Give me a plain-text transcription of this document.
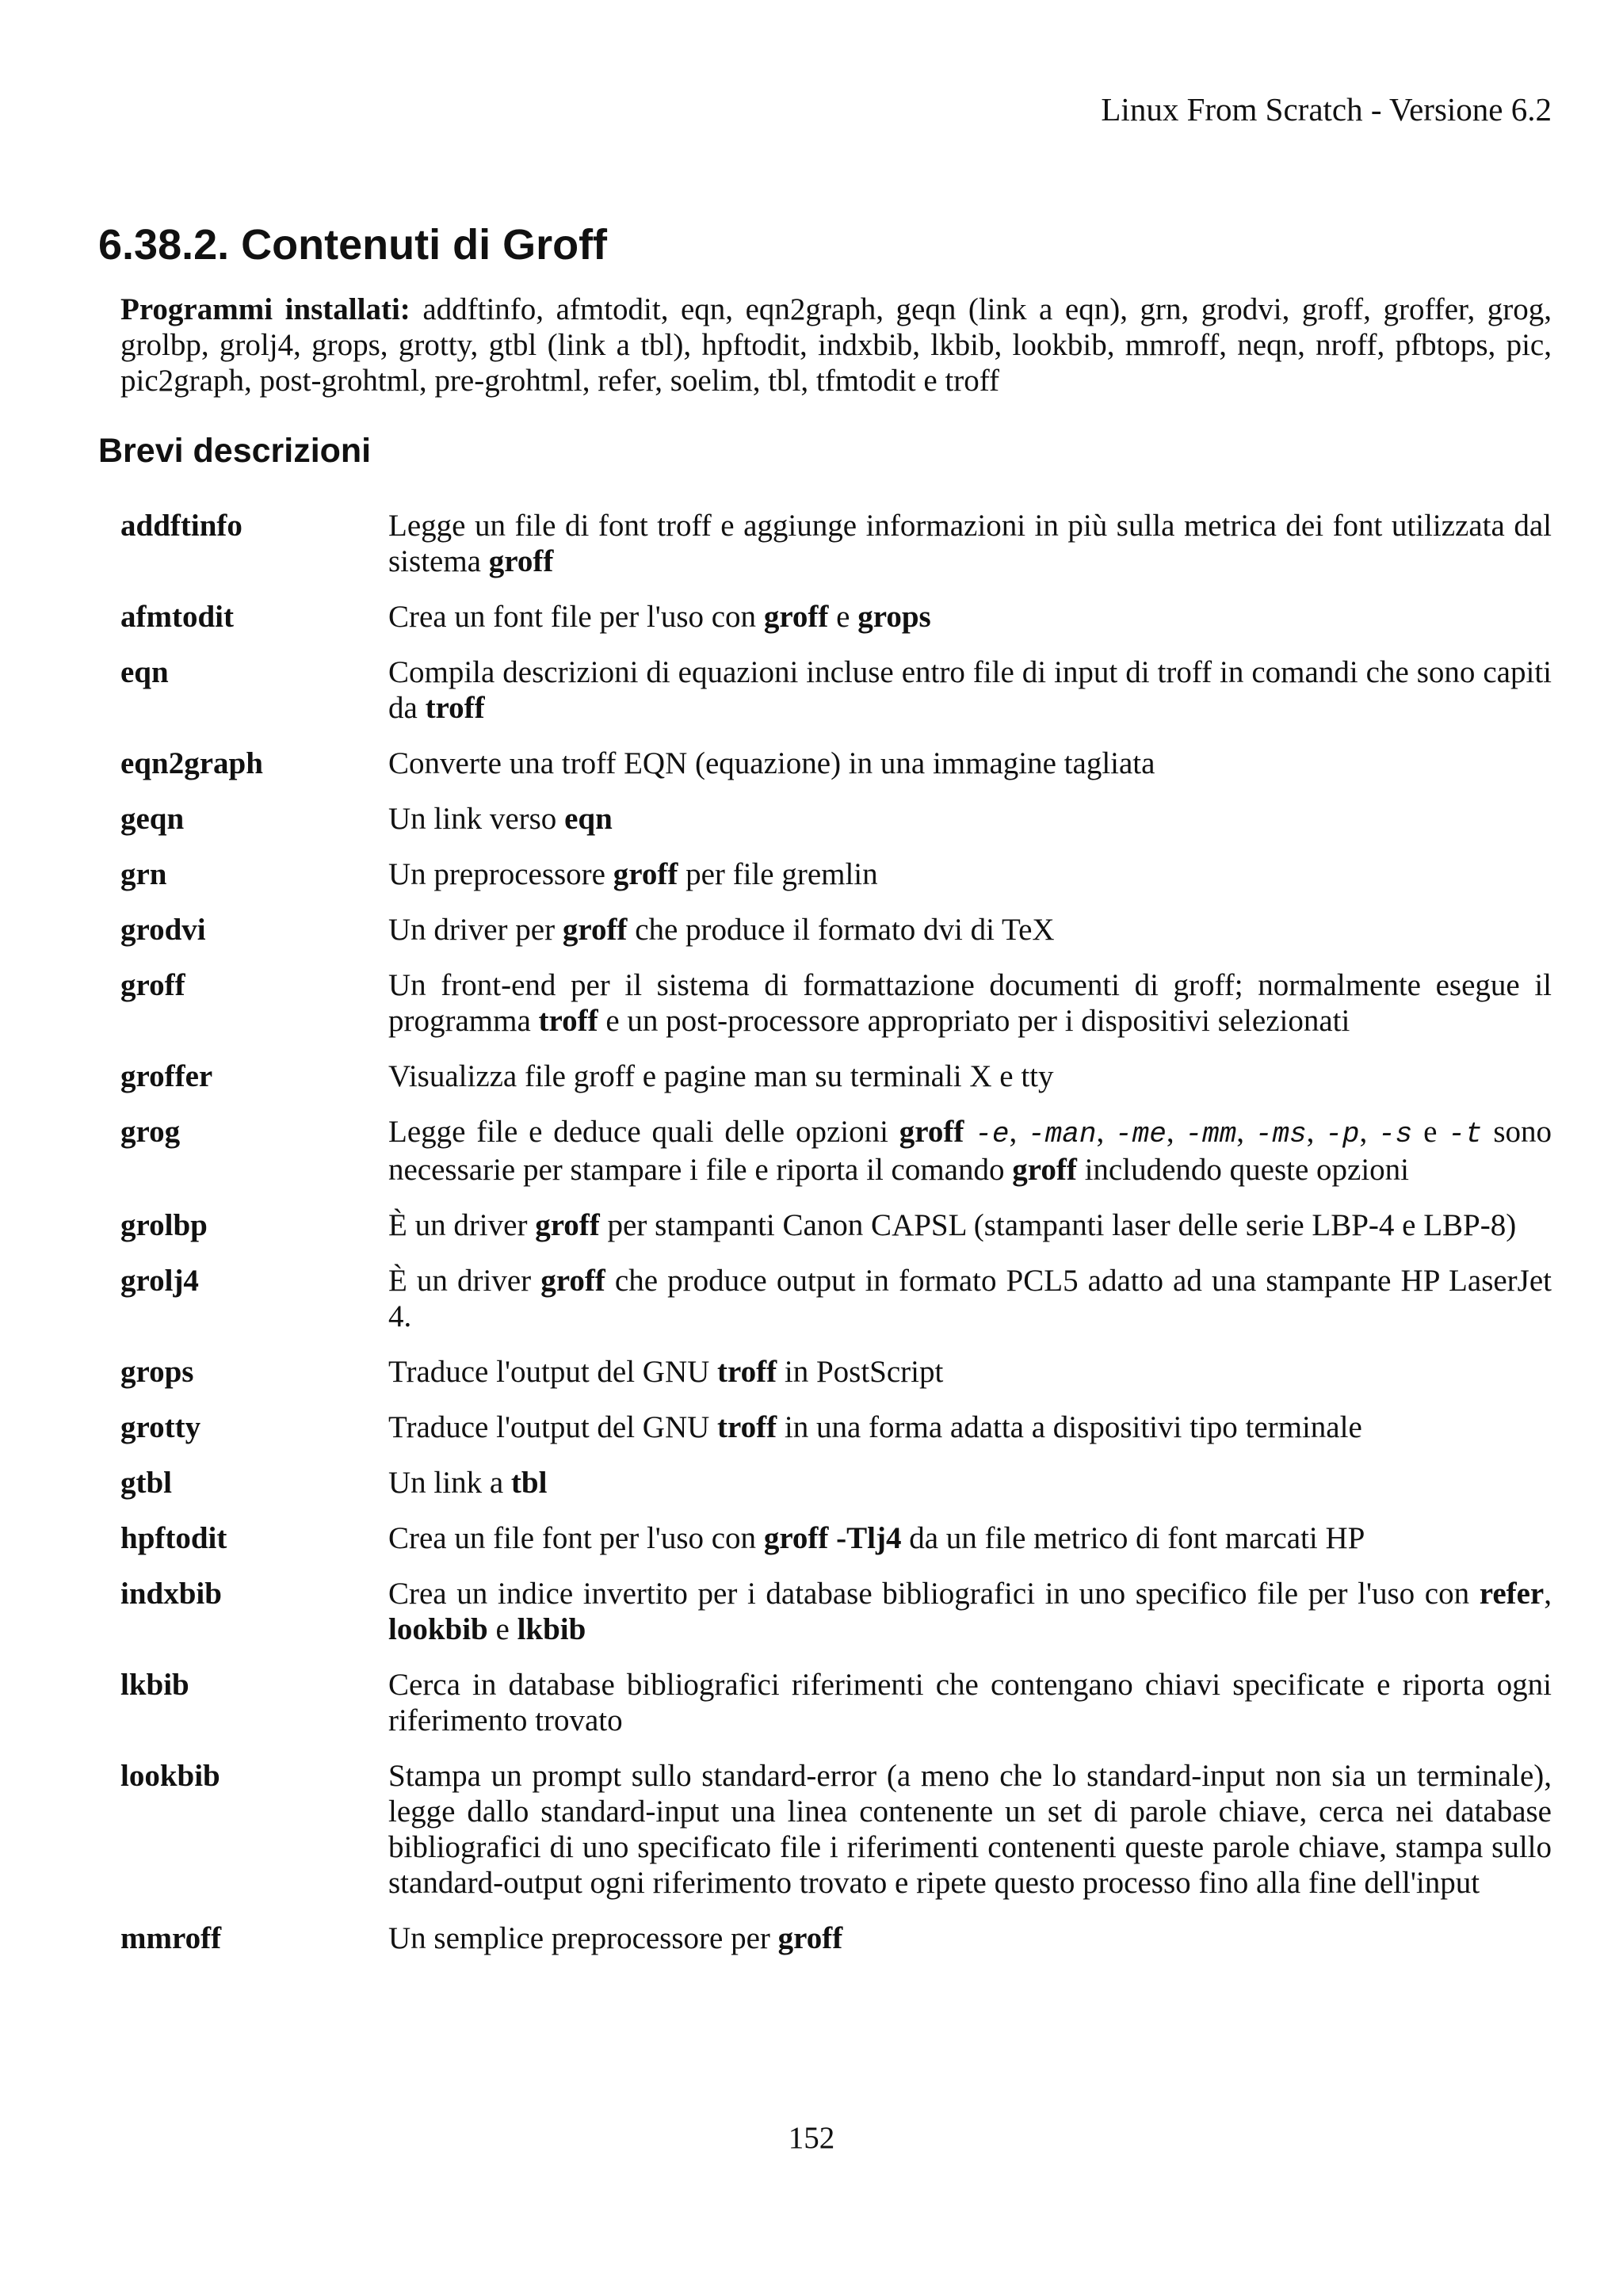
Linux From Scratch - Versione 6.2
6.38.2. Contenuti di Groff

Programmi installati: addftinfo, afmtodit, eqn, eqn2graph, geqn (link a eqn), grn, grodvi, groff, groffer, grog, grolbp, grolj4, grops, grotty, gtbl (link a tbl), hpftodit, indxbib, lkbib, lookbib, mmroff, neqn, nroff, pfbtops, pic, pic2graph, post-grohtml, pre-grohtml, refer, soelim, tbl, tfmtodit e troff

Brevi descrizioni
addftinfo	Legge un file di font troff e aggiunge informazioni in più sulla metrica dei font utilizzata dal sistema groff
afmtodit	Crea un font file per l'uso con groff e grops
eqn	Compila descrizioni di equazioni incluse entro file di input di troff in comandi che sono capiti da troff
eqn2graph	Converte una troff EQN (equazione) in una immagine tagliata
geqn	Un link verso eqn
grn	Un preprocessore groff per file gremlin
grodvi	Un driver per groff che produce il formato dvi di TeX
groff	Un front-end per il sistema di formattazione documenti di groff; normalmente esegue il programma troff e un post-processore appropriato per i dispositivi selezionati
groffer	Visualizza file groff e pagine man su terminali X e tty
grog	Legge file e deduce quali delle opzioni groff -e, -man, -me, -mm, -ms, -p, -s e -t sono necessarie per stampare i file e riporta il comando groff includendo queste opzioni
grolbp	È un driver groff per stampanti Canon CAPSL (stampanti laser delle serie LBP-4 e LBP-8)
grolj4	È un driver groff che produce output in formato PCL5 adatto ad una stampante HP LaserJet 4.
grops	Traduce l'output del GNU troff in PostScript
grotty	Traduce l'output del GNU troff in una forma adatta a dispositivi tipo terminale
gtbl	Un link a tbl
hpftodit	Crea un file font per l'uso con groff -Tlj4 da un file metrico di font marcati HP
indxbib	Crea un indice invertito per i database bibliografici in uno specifico file per l'uso con refer, lookbib e lkbib
lkbib	Cerca in database bibliografici riferimenti che contengano chiavi specificate e riporta ogni riferimento trovato
lookbib	Stampa un prompt sullo standard-error (a meno che lo standard-input non sia un terminale), legge dallo standard-input una linea contenente un set di parole chiave, cerca nei database bibliografici di uno specificato file i riferimenti contenenti queste parole chiave, stampa sullo standard-output ogni riferimento trovato e ripete questo processo fino alla fine dell'input
mmroff	Un semplice preprocessore per groff
152
